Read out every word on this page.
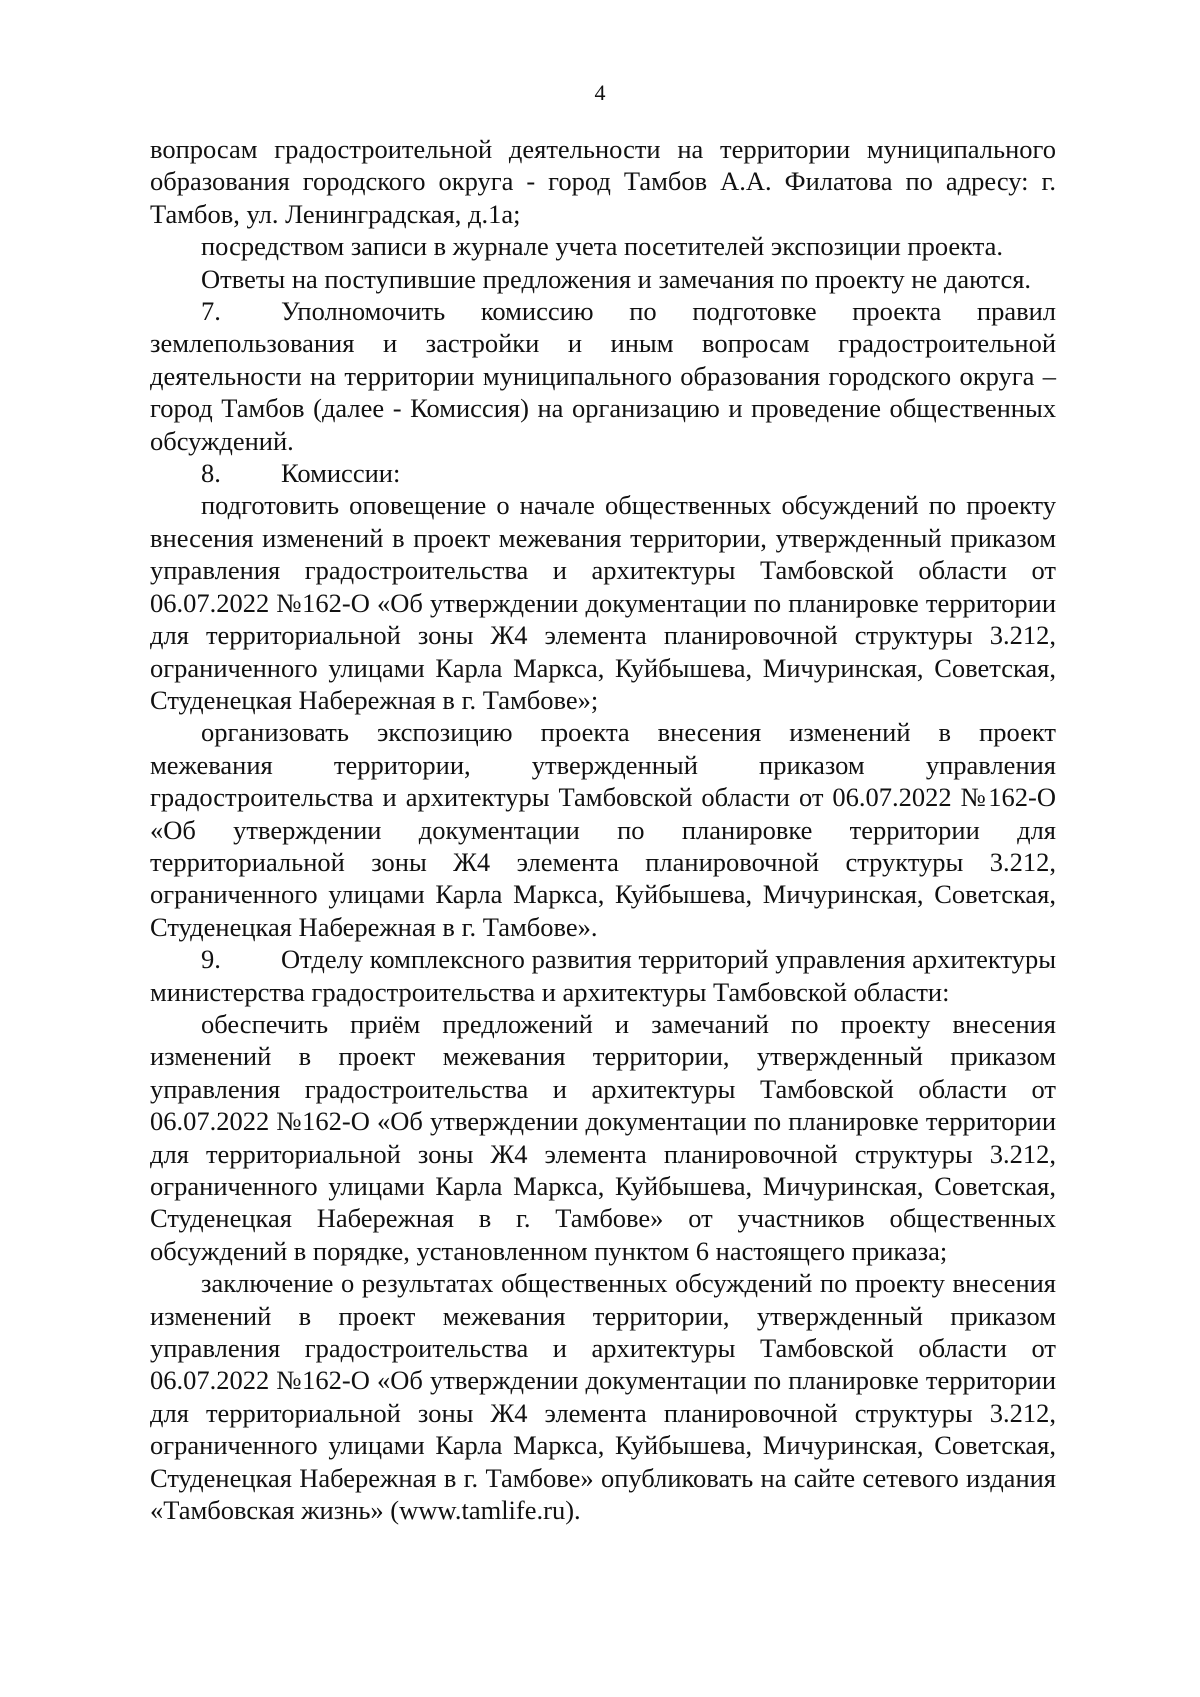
4

вопросам градостроительной деятельности на территории муниципального образования городского округа - город Тамбов А.А. Филатова по адресу: г. Тамбов, ул. Ленинградская, д.1а;

посредством записи в журнале учета посетителей экспозиции проекта.

Ответы на поступившие предложения и замечания по проекту не даются.

7. Уполномочить комиссию по подготовке проекта правил землепользования и застройки и иным вопросам градостроительной деятельности на территории муниципального образования городского округа – город Тамбов (далее - Комиссия) на организацию и проведение общественных обсуждений.

8. Комиссии:

подготовить оповещение о начале общественных обсуждений по проекту внесения изменений в проект межевания территории, утвержденный приказом управления градостроительства и архитектуры Тамбовской области от 06.07.2022 №162-О «Об утверждении документации по планировке территории для территориальной зоны Ж4 элемента планировочной структуры 3.212, ограниченного улицами Карла Маркса, Куйбышева, Мичуринская, Советская, Студенецкая Набережная в г. Тамбове»;

организовать экспозицию проекта внесения изменений в проект межевания территории, утвержденный приказом управления градостроительства и архитектуры Тамбовской области от 06.07.2022 №162-О «Об утверждении документации по планировке территории для территориальной зоны Ж4 элемента планировочной структуры 3.212, ограниченного улицами Карла Маркса, Куйбышева, Мичуринская, Советская, Студенецкая Набережная в г. Тамбове».

9. Отделу комплексного развития территорий управления архитектуры министерства градостроительства и архитектуры Тамбовской области:

обеспечить приём предложений и замечаний по проекту внесения изменений в проект межевания территории, утвержденный приказом управления градостроительства и архитектуры Тамбовской области от 06.07.2022 №162-О «Об утверждении документации по планировке территории для территориальной зоны Ж4 элемента планировочной структуры 3.212, ограниченного улицами Карла Маркса, Куйбышева, Мичуринская, Советская, Студенецкая Набережная в г. Тамбове» от участников общественных обсуждений в порядке, установленном пунктом 6 настоящего приказа;

заключение о результатах общественных обсуждений по проекту внесения изменений в проект межевания территории, утвержденный приказом управления градостроительства и архитектуры Тамбовской области от 06.07.2022 №162-О «Об утверждении документации по планировке территории для территориальной зоны Ж4 элемента планировочной структуры 3.212, ограниченного улицами Карла Маркса, Куйбышева, Мичуринская, Советская, Студенецкая Набережная в г. Тамбове» опубликовать на сайте сетевого издания «Тамбовская жизнь» (www.tamlife.ru).
